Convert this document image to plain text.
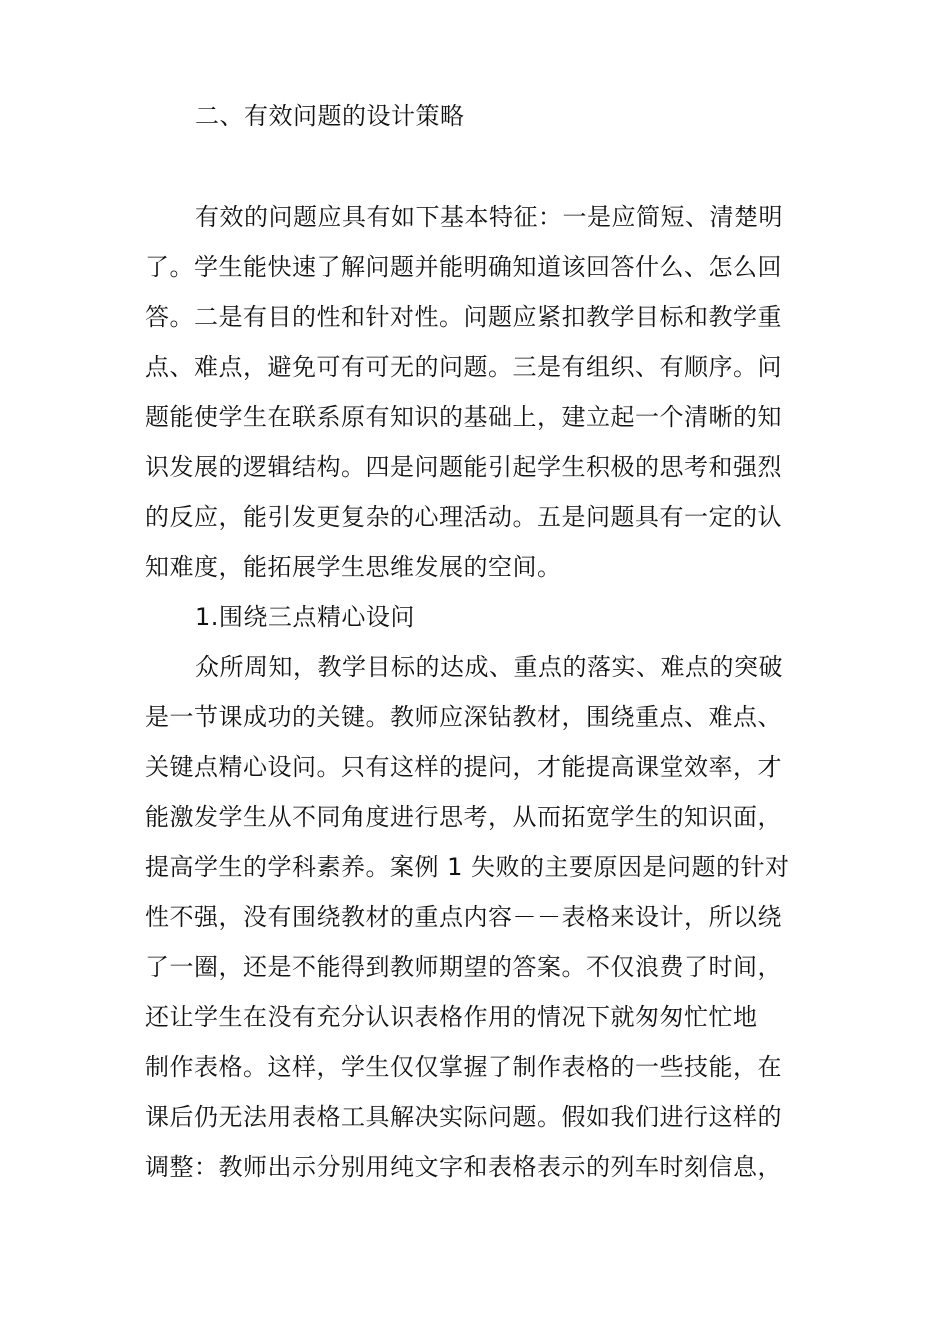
二、有效问题的设计策略
有效的问题应具有如下基本特征：一是应简短、清楚明
了。学生能快速了解问题并能明确知道该回答什么、怎么回
答。二是有目的性和针对性。问题应紧扣教学目标和教学重
点、难点，避免可有可无的问题。三是有组织、有顺序。问
题能使学生在联系原有知识的基础上，建立起一个清晰的知
识发展的逻辑结构。四是问题能引起学生积极的思考和强烈
的反应，能引发更复杂的心理活动。五是问题具有一定的认
知难度，能拓展学生思维发展的空间。
1.围绕三点精心设问
众所周知，教学目标的达成、重点的落实、难点的突破
是一节课成功的关键。教师应深钻教材，围绕重点、难点、
关键点精心设问。只有这样的提问，才能提高课堂效率，才
能激发学生从不同角度进行思考，从而拓宽学生的知识面，
提高学生的学科素养。案例 1 失败的主要原因是问题的针对
性不强，没有围绕教材的重点内容－－表格来设计，所以绕
了一圈，还是不能得到教师期望的答案。不仅浪费了时间，
还让学生在没有充分认识表格作用的情况下就匆匆忙忙地
制作表格。这样，学生仅仅掌握了制作表格的一些技能，在
课后仍无法用表格工具解决实际问题。假如我们进行这样的
调整：教师出示分别用纯文字和表格表示的列车时刻信息，
